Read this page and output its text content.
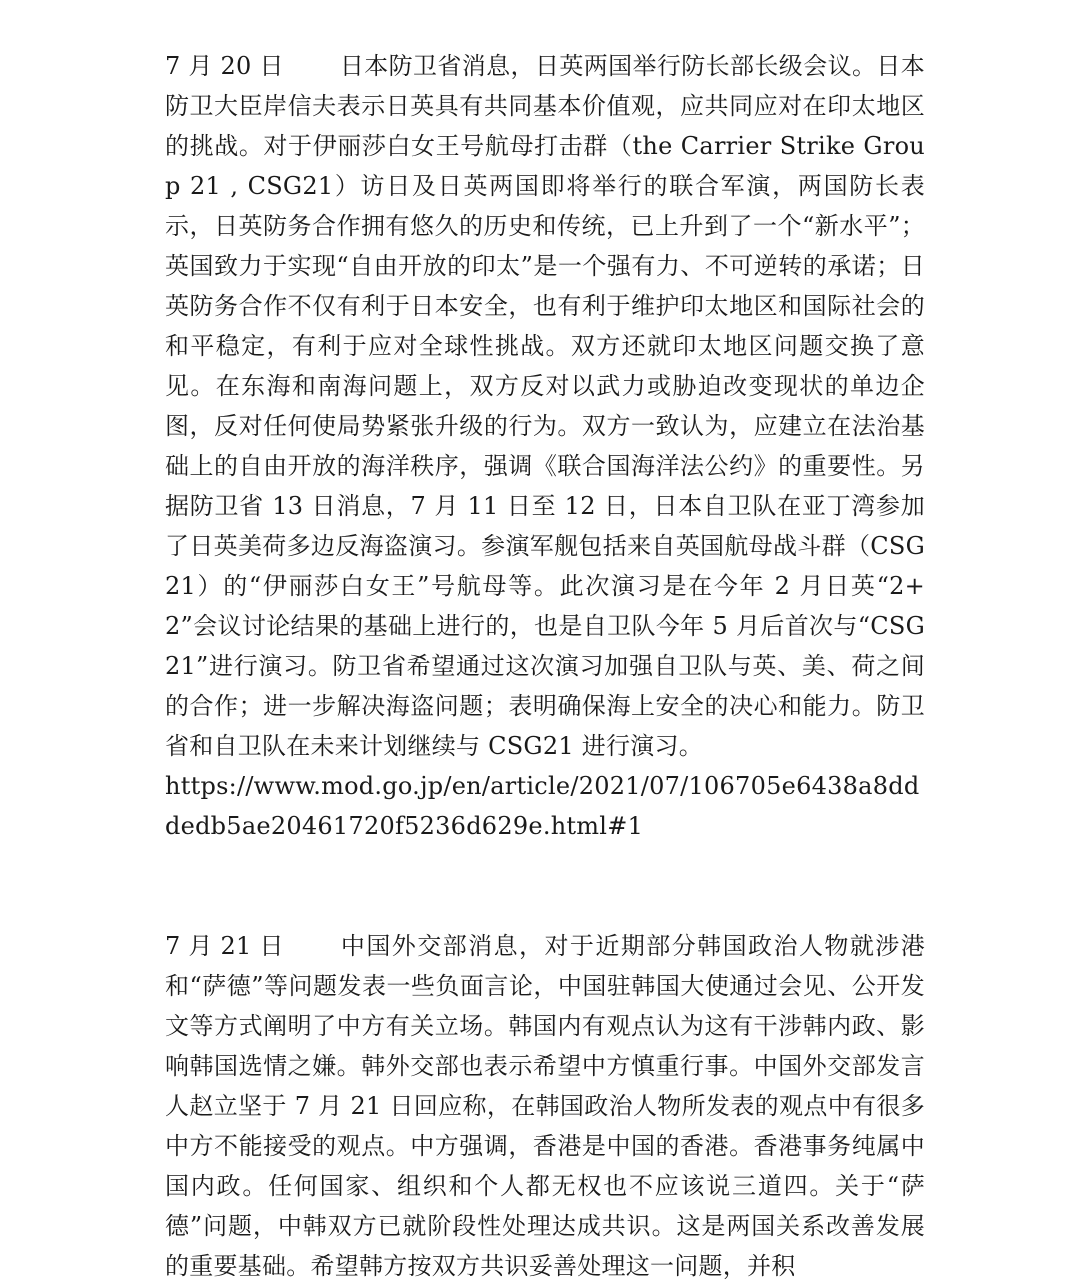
7 月 20 日 日本防卫省消息，日英两国举行防长部长级会议。日本防卫大臣岸信夫表示日英具有共同基本价值观，应共同应对在印太地区的挑战。对于伊丽莎白女王号航母打击群（the Carrier Strike Group 21 , CSG21）访日及日英两国即将举行的联合军演，两国防长表示，日英防务合作拥有悠久的历史和传统，已上升到了一个“新水平”；英国致力于实现“自由开放的印太”是一个强有力、不可逆转的承诺；日英防务合作不仅有利于日本安全，也有利于维护印太地区和国际社会的和平稳定，有利于应对全球性挑战。双方还就印太地区问题交换了意见。在东海和南海问题上，双方反对以武力或胁迫改变现状的单边企图，反对任何使局势紧张升级的行为。双方一致认为，应建立在法治基础上的自由开放的海洋秩序，强调《联合国海洋法公约》的重要性。另据防卫省 13 日消息，7 月 11 日至 12 日，日本自卫队在亚丁湾参加了日英美荷多边反海盗演习。参演军舰包括来自英国航母战斗群（CSG21）的“伊丽莎白女王”号航母等。此次演习是在今年 2 月日英“2+2”会议讨论结果的基础上进行的，也是自卫队今年 5 月后首次与“CSG21”进行演习。防卫省希望通过这次演习加强自卫队与英、美、荷之间的合作；进一步解决海盗问题；表明确保海上安全的决心和能力。防卫省和自卫队在未来计划继续与 CSG21 进行演习。
https://www.mod.go.jp/en/article/2021/07/106705e6438a8dddedb5ae20461720f5236d629e.html#1

7 月 21 日 中国外交部消息，对于近期部分韩国政治人物就涉港和“萨德”等问题发表一些负面言论，中国驻韩国大使通过会见、公开发文等方式阐明了中方有关立场。韩国内有观点认为这有干涉韩内政、影响韩国选情之嫌。韩外交部也表示希望中方慎重行事。中国外交部发言人赵立坚于 7 月 21 日回应称，在韩国政治人物所发表的观点中有很多中方不能接受的观点。中方强调，香港是中国的香港。香港事务纯属中国内政。任何国家、组织和个人都无权也不应该说三道四。关于“萨德”问题，中韩双方已就阶段性处理达成共识。这是两国关系改善发展的重要基础。希望韩方按双方共识妥善处理这一问题，并积
